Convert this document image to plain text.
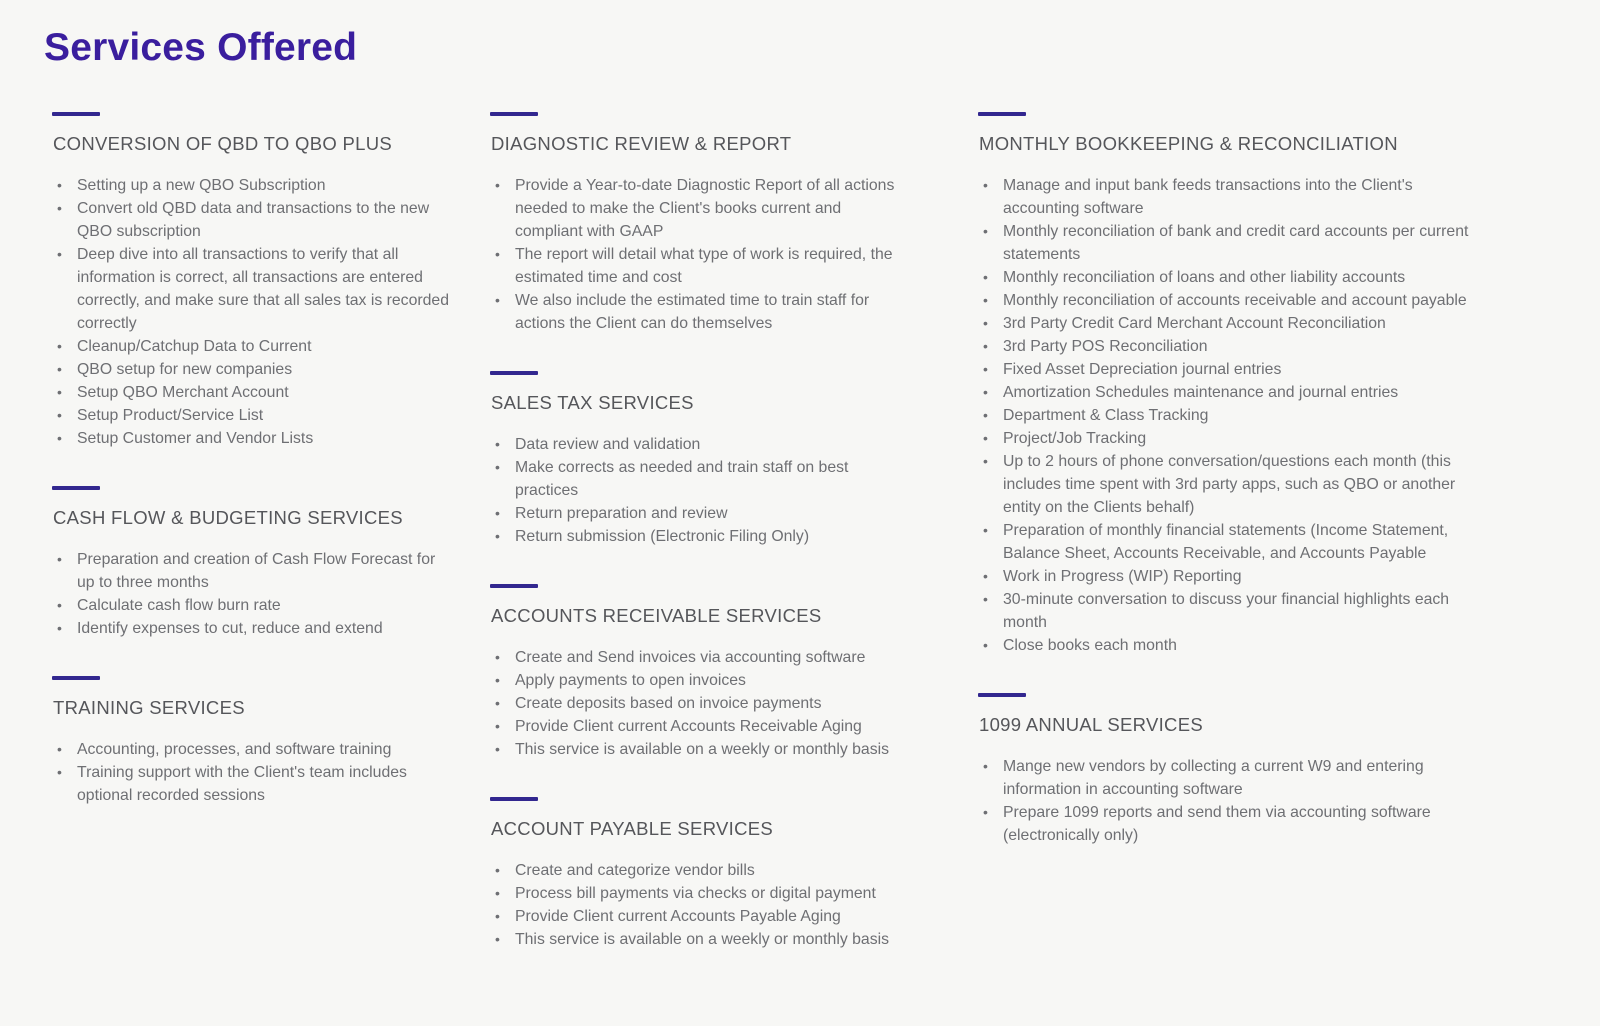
Services Offered
CONVERSION OF QBD TO QBO PLUS
• Setting up a new QBO Subscription
• Convert old QBD data and transactions to the new QBO subscription
• Deep dive into all transactions to verify that all information is correct, all transactions are entered correctly, and make sure that all sales tax is recorded correctly
• Cleanup/Catchup Data to Current
• QBO setup for new companies
• Setup QBO Merchant Account
• Setup Product/Service List
• Setup Customer and Vendor Lists
CASH FLOW & BUDGETING SERVICES
• Preparation and creation of Cash Flow Forecast for up to three months
• Calculate cash flow burn rate
• Identify expenses to cut, reduce and extend
TRAINING SERVICES
• Accounting, processes, and software training
• Training support with the Client's team includes optional recorded sessions
DIAGNOSTIC REVIEW & REPORT
• Provide a Year-to-date Diagnostic Report of all actions needed to make the Client's books current and compliant with GAAP
• The report will detail what type of work is required, the estimated time and cost
• We also include the estimated time to train staff for actions the Client can do themselves
SALES TAX SERVICES
• Data review and validation
• Make corrects as needed and train staff on best practices
• Return preparation and review
• Return submission (Electronic Filing Only)
ACCOUNTS RECEIVABLE SERVICES
• Create and Send invoices via accounting software
• Apply payments to open invoices
• Create deposits based on invoice payments
• Provide Client current Accounts Receivable Aging
• This service is available on a weekly or monthly basis
ACCOUNT PAYABLE SERVICES
• Create and categorize vendor bills
• Process bill payments via checks or digital payment
• Provide Client current Accounts Payable Aging
• This service is available on a weekly or monthly basis
MONTHLY BOOKKEEPING & RECONCILIATION
• Manage and input bank feeds transactions into the Client's accounting software
• Monthly reconciliation of bank and credit card accounts per current statements
• Monthly reconciliation of loans and other liability accounts
• Monthly reconciliation of accounts receivable and account payable
• 3rd Party Credit Card Merchant Account Reconciliation
• 3rd Party POS Reconciliation
• Fixed Asset Depreciation journal entries
• Amortization Schedules maintenance and journal entries
• Department & Class Tracking
• Project/Job Tracking
• Up to 2 hours of phone conversation/questions each month (this includes time spent with 3rd party apps, such as QBO or another entity on the Clients behalf)
• Preparation of monthly financial statements (Income Statement, Balance Sheet, Accounts Receivable, and Accounts Payable
• Work in Progress (WIP) Reporting
• 30-minute conversation to discuss your financial highlights each month
• Close books each month
1099 ANNUAL SERVICES
• Mange new vendors by collecting a current W9 and entering information in accounting software
• Prepare 1099 reports and send them via accounting software (electronically only)
